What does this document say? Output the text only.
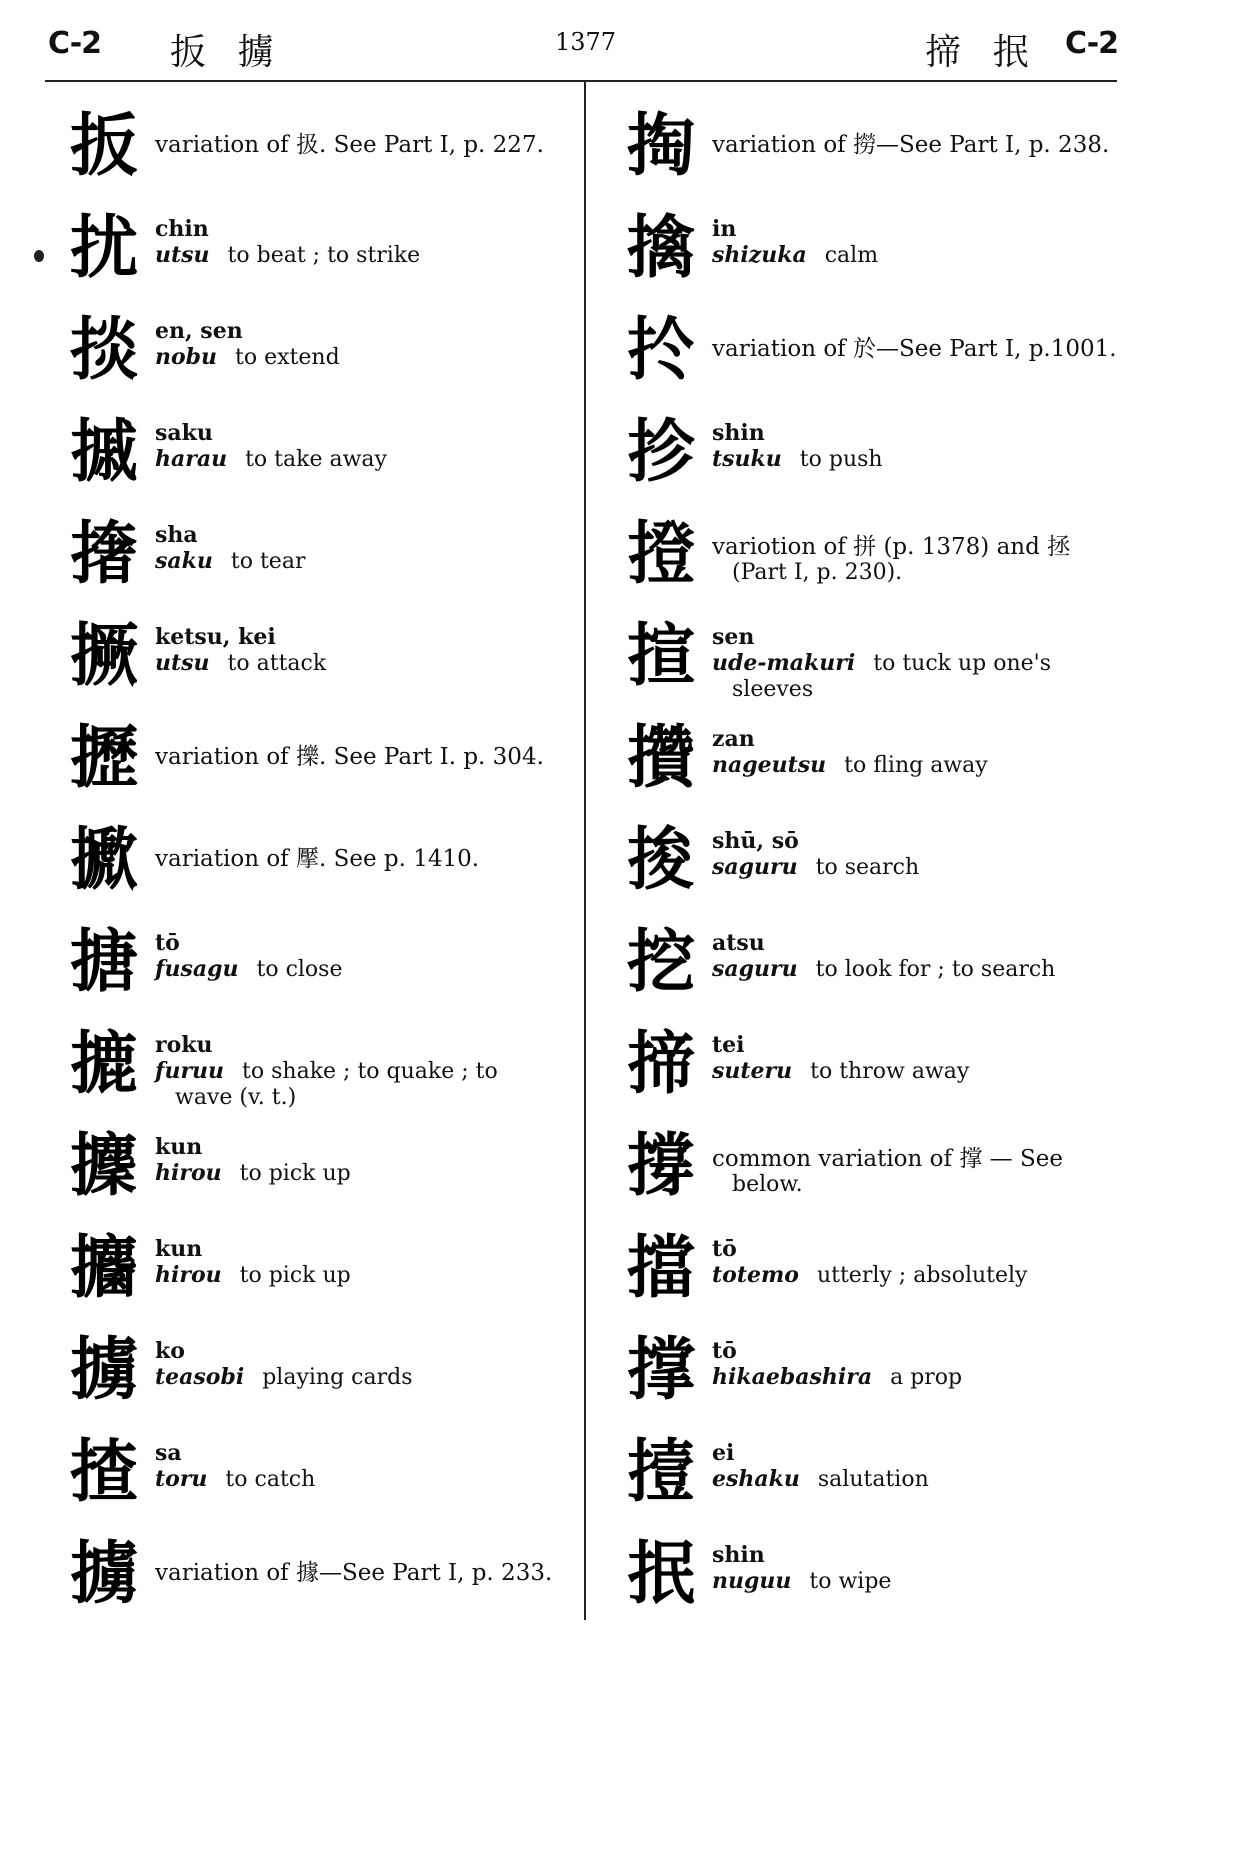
C-2 扳 擄	1377	揥 抿 C-2
扳 variation of 扱. See Part I, p. 227.
扰 chin
utsu to beat ; to strike
掞 en, sen
nobu to extend
摵 saku
harau to take away
撦 sha
saku to tear
撅 ketsu, kei
utsu to attack
攊 variation of 擽. See Part I. p. 304.
擨 variation of 擪. See p. 1410.
搪 tō
fusagu to close
摝 roku
furuu to shake ; to quake ; to
wave (v. t.)
攈 kun
hirou to pick up
攟 kun
hirou to pick up
擄 ko
teasobi playing cards
揸 sa
toru to catch
擄 variation of 據—See Part I, p. 233.
掏 variation of 撈—See Part I, p. 238.
擒 in
shizuka calm
扵 variation of 於—See Part I, p.1001.
抮 shin
tsuku to push
撜 variotion of 拼 (p. 1378) and 拯
(Part I, p. 230).
揎 sen
ude-makuri to tuck up one's
sleeves
攢 zan
nageutsu to fling away
捘 shū, sō
saguru to search
挖 atsu
saguru to look for ; to search
揥 tei
suteru to throw away
撐 common variation of 撑 — See
below.
擋 tō
totemo utterly ; absolutely
撑 tō
hikaebashira a prop
撎 ei
eshaku salutation
抿 shin
nuguu to wipe
